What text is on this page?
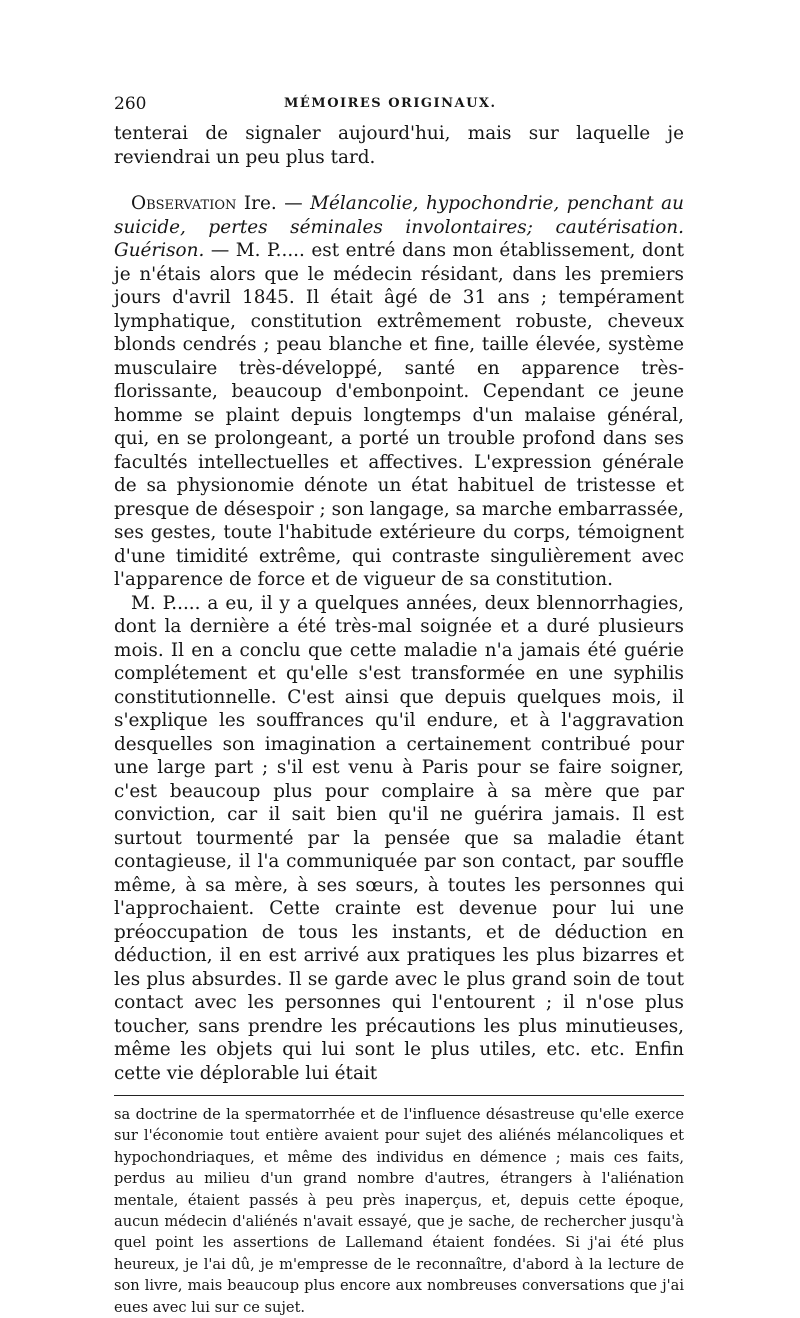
260	MÉMOIRES ORIGINAUX.

tenterai de signaler aujourd'hui, mais sur laquelle je reviendrai un peu plus tard.

Observation Ire. — Mélancolie, hypochondrie, penchant au suicide, pertes séminales involontaires; cautérisation. Guérison. — M. P..... est entré dans mon établissement, dont je n'étais alors que le médecin résidant, dans les premiers jours d'avril 1845. Il était âgé de 31 ans ; tempérament lymphatique, constitution extrêmement robuste, cheveux blonds cendrés ; peau blanche et fine, taille élevée, système musculaire très-développé, santé en apparence très-florissante, beaucoup d'embonpoint. Cependant ce jeune homme se plaint depuis longtemps d'un malaise général, qui, en se prolongeant, a porté un trouble profond dans ses facultés intellectuelles et affectives. L'expression générale de sa physionomie dénote un état habituel de tristesse et presque de désespoir ; son langage, sa marche embarrassée, ses gestes, toute l'habitude extérieure du corps, témoignent d'une timidité extrême, qui contraste singulièrement avec l'apparence de force et de vigueur de sa constitution.

M. P..... a eu, il y a quelques années, deux blennorrhagies, dont la dernière a été très-mal soignée et a duré plusieurs mois. Il en a conclu que cette maladie n'a jamais été guérie complétement et qu'elle s'est transformée en une syphilis constitutionnelle. C'est ainsi que depuis quelques mois, il s'explique les souffrances qu'il endure, et à l'aggravation desquelles son imagination a certainement contribué pour une large part ; s'il est venu à Paris pour se faire soigner, c'est beaucoup plus pour complaire à sa mère que par conviction, car il sait bien qu'il ne guérira jamais. Il est surtout tourmenté par la pensée que sa maladie étant contagieuse, il l'a communiquée par son contact, par souffle même, à sa mère, à ses sœurs, à toutes les personnes qui l'approchaient. Cette crainte est devenue pour lui une préoccupation de tous les instants, et de déduction en déduction, il en est arrivé aux pratiques les plus bizarres et les plus absurdes. Il se garde avec le plus grand soin de tout contact avec les personnes qui l'entourent ; il n'ose plus toucher, sans prendre les précautions les plus minutieuses, même les objets qui lui sont le plus utiles, etc. etc. Enfin cette vie déplorable lui était

sa doctrine de la spermatorrhée et de l'influence désastreuse qu'elle exerce sur l'économie tout entière avaient pour sujet des aliénés mélancoliques et hypochondriaques, et même des individus en démence ; mais ces faits, perdus au milieu d'un grand nombre d'autres, étrangers à l'aliénation mentale, étaient passés à peu près inaperçus, et, depuis cette époque, aucun médecin d'aliénés n'avait essayé, que je sache, de rechercher jusqu'à quel point les assertions de Lallemand étaient fondées. Si j'ai été plus heureux, je l'ai dû, je m'empresse de le reconnaître, d'abord à la lecture de son livre, mais beaucoup plus encore aux nombreuses conversations que j'ai eues avec lui sur ce sujet.
